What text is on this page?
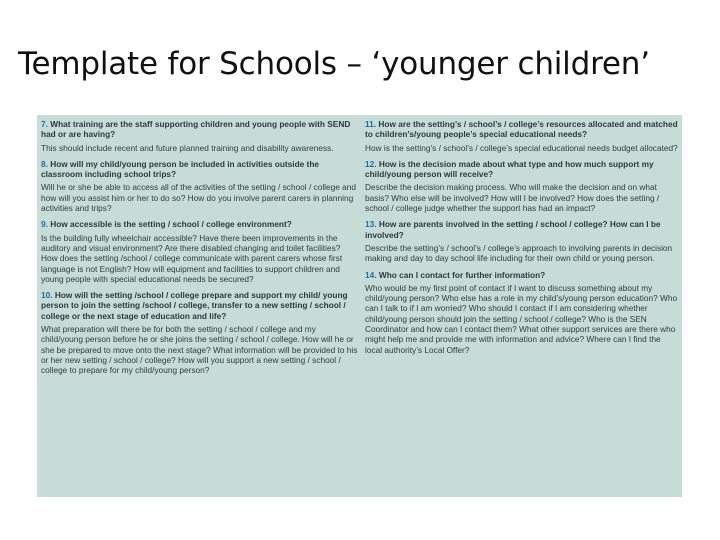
Template for Schools – ‘younger children’
7. What training are the staff supporting children and young people with SEND had or are having?
This should include recent and future planned training and disability awareness.
8. How will my child/young person be included in activities outside the classroom including school trips?
Will he or she be able to access all of the activities of the setting / school / college and how will you assist him or her to do so? How do you involve parent carers in planning activities and trips?
9. How accessible is the setting / school / college environment?
Is the building fully wheelchair accessible? Have there been improvements in the auditory and visual environment? Are there disabled changing and toilet facilities? How does the setting /school / college communicate with parent carers whose first language is not English? How will equipment and facilities to support children and young people with special educational needs be secured?
10. How will the setting /school / college prepare and support my child/ young person to join the setting /school / college, transfer to a new setting / school / college or the next stage of education and life?
What preparation will there be for both the setting / school / college and my child/young person before he or she joins the setting / school / college. How will he or she be prepared to move onto the next stage? What information will be provided to his or her new setting / school / college? How will you support a new setting / school / college to prepare for my child/young person?
11. How are the setting’s / school’s / college’s resources allocated and matched to children’s/young people’s special educational needs?
How is the setting’s / school’s / college’s special educational needs budget allocated?
12. How is the decision made about what type and how much support my child/young person will receive?
Describe the decision making process. Who will make the decision and on what basis? Who else will be involved? How will I be involved? How does the setting / school / college judge whether the support has had an impact?
13. How are parents involved in the setting / school / college? How can I be involved?
Describe the setting’s / school’s / college’s approach to involving parents in decision making and day to day school life including for their own child or young person.
14. Who can I contact for further information?
Who would be my first point of contact if I want to discuss something about my child/young person? Who else has a role in my child’s/young person education? Who can I talk to if I am worried? Who should I contact if I am considering whether child/young person should join the setting / school / college? Who is the SEN Coordinator and how can I contact them? What other support services are there who might help me and provide me with information and advice? Where can I find the local authority’s Local Offer?
